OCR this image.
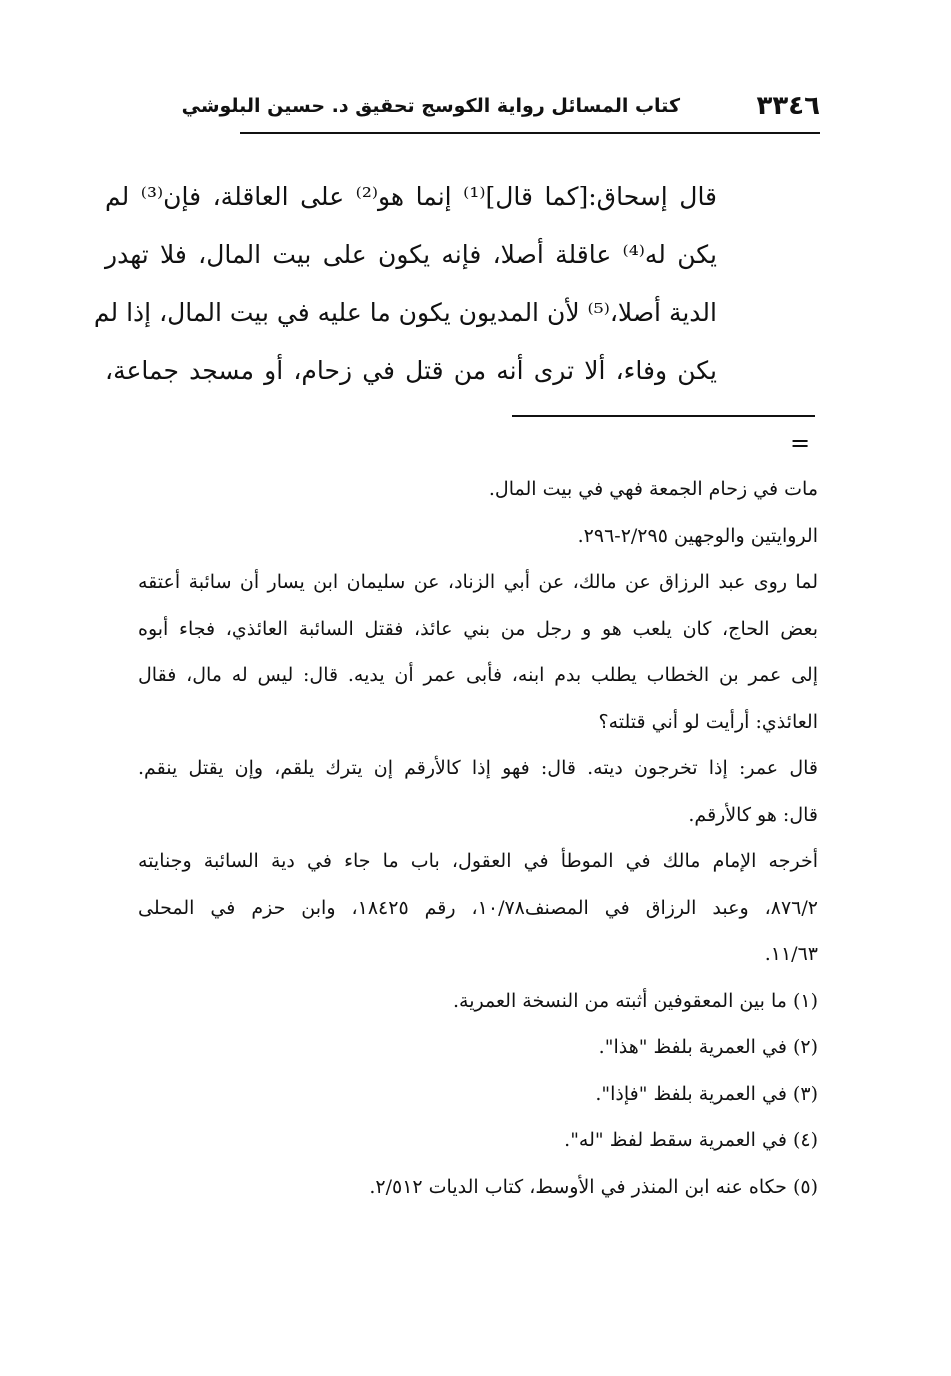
٣٣٤٦
كتاب المسائل رواية الكوسج تحقيق د. حسين البلوشي
قال إسحاق:[كما قال]⁽¹⁾ إنما هو⁽²⁾ على العاقلة، فإن⁽³⁾ لم
يكن له⁽⁴⁾ عاقلة أصلا، فإنه يكون على بيت المال، فلا تهدر
الدية أصلا،⁽⁵⁾ لأن المديون يكون ما عليه في بيت المال، إذا لم
يكن وفاء، ألا ترى أنه من قتل في زحام، أو مسجد جماعة،
=
مات في زحام الجمعة فهي في بيت المال.
الروايتين والوجهين ٢/٢٩٥-٢٩٦.
لما روى عبد الرزاق عن مالك، عن أبي الزناد، عن سليمان ابن يسار أن سائبة أعتقه
بعض الحاج، كان يلعب هو و رجل من بني عائذ، فقتل السائبة العائذي، فجاء أبوه
إلى عمر بن الخطاب يطلب بدم ابنه، فأبى عمر أن يديه. قال: ليس له مال، فقال
العائذي: أرأيت لو أني قتلته؟
قال عمر: إذا تخرجون ديته. قال: فهو إذا كالأرقم إن يترك يلقم، وإن يقتل ينقم.
قال: هو كالأرقم.
أخرجه الإمام مالك في الموطأ في العقول، باب ما جاء في دية السائبة وجنايته
٨٧٦/٢، وعبد الرزاق في المصنف١٠/٧٨، رقم ١٨٤٢٥، وابن حزم في المحلى
١١/٦٣.
(١) ما بين المعقوفين أثبته من النسخة العمرية.
(٢) في العمرية بلفظ "هذا".
(٣) في العمرية بلفظ "فإذا".
(٤) في العمرية سقط لفظ "له".
(٥) حكاه عنه ابن المنذر في الأوسط، كتاب الديات ٢/٥١٢.
